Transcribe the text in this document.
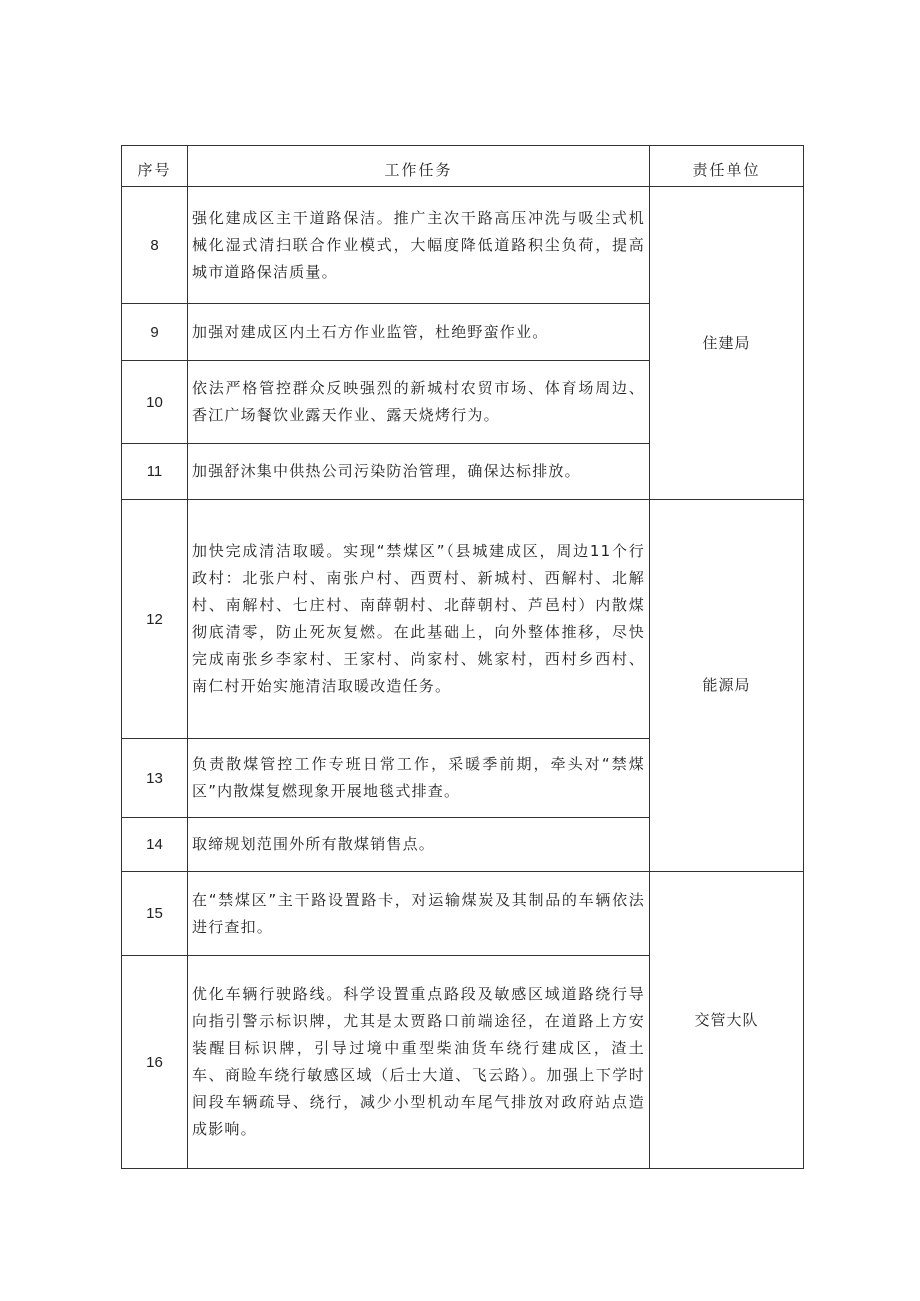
序号	工作任务	责任单位
8	强化建成区主干道路保洁。推广主次干路高压冲洗与吸尘式机械化湿式清扫联合作业模式，大幅度降低道路积尘负荷，提高城市道路保洁质量。	住建局
9	加强对建成区内土石方作业监管，杜绝野蛮作业。	
10	依法严格管控群众反映强烈的新城村农贸市场、体育场周边、香江广场餐饮业露天作业、露天烧烤行为。	
11	加强舒沐集中供热公司污染防治管理，确保达标排放。	
12	加快完成清洁取暖。实现“禁煤区”（县城建成区，周边11个行政村：北张户村、南张户村、西贾村、新城村、西解村、北解村、南解村、七庄村、南薛朝村、北薛朝村、芦邑村）内散煤彻底清零，防止死灰复燃。在此基础上，向外整体推移，尽快完成南张乡李家村、王家村、尚家村、姚家村，西村乡西村、南仁村开始实施清洁取暖改造任务。	能源局
13	负责散煤管控工作专班日常工作，采暖季前期，牵头对“禁煤区”内散煤复燃现象开展地毯式排查。	
14	取缔规划范围外所有散煤销售点。	
15	在“禁煤区”主干路设置路卡，对运输煤炭及其制品的车辆依法进行查扣。	交管大队
16	优化车辆行驶路线。科学设置重点路段及敏感区域道路绕行导向指引警示标识牌，尤其是太贾路口前端途径，在道路上方安装醒目标识牌，引导过境中重型柴油货车绕行建成区，渣土车、商睑车绕行敏感区域（后士大道、飞云路）。加强上下学时间段车辆疏导、绕行，减少小型机动车尾气排放对政府站点造成影响。	
